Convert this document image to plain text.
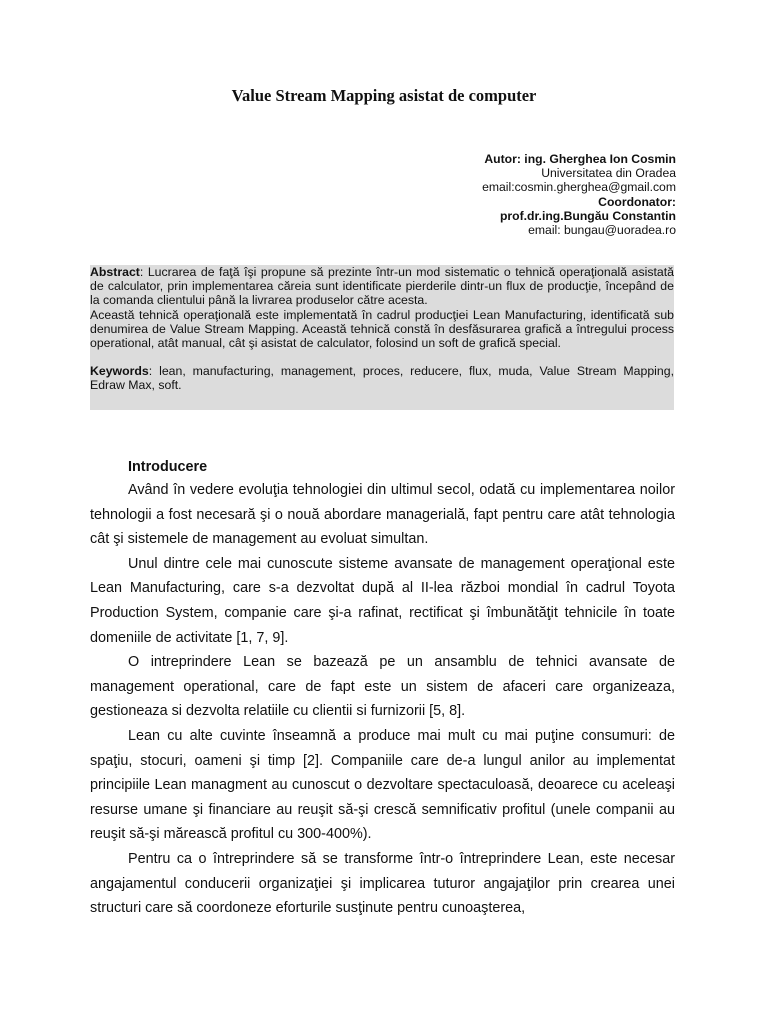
Value Stream Mapping asistat de computer
Autor: ing. Gherghea Ion Cosmin
Universitatea din Oradea
email:cosmin.gherghea@gmail.com
Coordonator:
prof.dr.ing.Bungău Constantin
email: bungau@uoradea.ro

Abstract: Lucrarea de faţă îşi propune să prezinte într-un mod sistematic o tehnică operaţională asistată de calculator, prin implementarea căreia sunt identificate pierderile dintr-un flux de producţie, începând de la comanda clientului până la livrarea produselor către acesta.

Această tehnică operaţională este implementată în cadrul producţiei Lean Manufacturing, identificată sub denumirea de Value Stream Mapping. Această tehnică constă în desfăsurarea grafică a întregului process operational, atât manual, cât şi asistat de calculator, folosind un soft de grafică special.

Keywords: lean, manufacturing, management, proces, reducere, flux, muda, Value Stream Mapping, Edraw Max, soft.

Introducere

Având în vedere evoluţia tehnologiei din ultimul secol, odată cu implementarea noilor tehnologii a fost necesară şi o nouă abordare managerială, fapt pentru care atât tehnologia cât şi sistemele de management au evoluat simultan.

Unul dintre cele mai cunoscute sisteme avansate de management operaţional este Lean Manufacturing, care s-a dezvoltat după al II-lea război mondial în cadrul Toyota Production System, companie care şi-a rafinat, rectificat şi îmbunătăţit tehnicile în toate domeniile de activitate [1, 7, 9].

O intreprindere Lean se bazează pe un ansamblu de tehnici avansate de management operational, care de fapt este un sistem de afaceri care organizeaza, gestioneaza si dezvolta relatiile cu clientii si furnizorii [5, 8].

Lean cu alte cuvinte înseamnă a produce mai mult cu mai puţine consumuri: de spaţiu, stocuri, oameni şi timp [2]. Companiile care de-a lungul anilor au implementat principiile Lean managment au cunoscut o dezvoltare spectaculoasă, deoarece cu aceleaşi resurse umane şi financiare au reuşit să-şi crescă semnificativ profitul (unele companii au reuşit să-şi mărească profitul cu 300-400%).

Pentru ca o întreprindere să se transforme într-o întreprindere Lean, este necesar angajamentul conducerii organizaţiei şi implicarea tuturor angajaţilor prin crearea unei structuri care să coordoneze eforturile susţinute pentru cunoaşterea,
